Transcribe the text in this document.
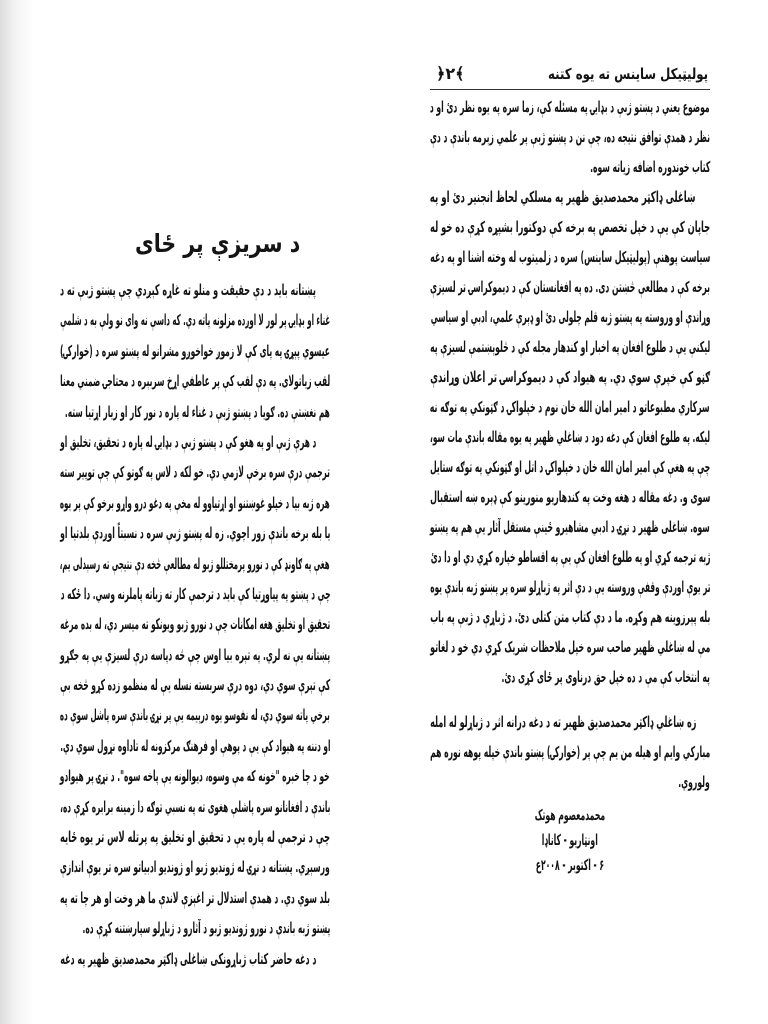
پولیټیکل ساینس ته یوه کتنه
﴿۲﴾
موضوع یعني د پښتو ژبې د بډایۍ په مسئله کې، زما سره په یوه نظر دئ او د
نظر د همدې توافق نتیجه ده، چې نن د پښتو ژبې پر علمي زېرمه باندې د دې
کتاب خوندوره اضافه زیاته سوه.
ښاغلی ډاکټر محمدصدیق ظهیر په مسلکي لحاظ انجنیر دئ او په
جاپان کې یې د خپل تخصص په برخه کې دوکتورا بشپړه کړې ده خو له
سیاست پوهنې (پولیټیکل ساینس) سره د زلمیتوب له وخته اشنا او په دغه
برخه کې د مطالعې څښتن دی. ده په افغانستان کې د دیموکراسۍ تر لسیزې
وړاندې او وروسته په پښتو ژبه قلم چلولی دئ او ډېرې علمي، ادبي او سیاسي
لیکنې یې د طلوع افغان په اخبار او کندهار مجله کې د څلوېښتمې لسیزې په
ګڼو کې خپرې سوي دي. په هیواد کې د دیموکراسۍ تر اعلان وړاندې
سرکاري مطبوعاتو د امیر امان الله خان نوم د خپلواکۍ د ګټونکي په توګه نه
لیکه. په طلوع افغان کې دغه دود د ښاغلي ظهیر په یوه مقاله باندې مات سو،
چې په هغې کې امیر امان الله خان د خپلواکۍ د اتل او ګټونکي په توګه ستایل
سوی و. دغه مقاله د هغه وخت په کندهاریو منورینو کې ډېره ښه استقبال
سوه. ښاغلی ظهیر د نړۍ د ادبي مشاهیرو ځینې مستقل آثار یې هم په پښتو
ژبه ترجمه کړي او په طلوع افغان کې یې په اقساطو خپاره کړي دي او دا دئ
تر یوې اوږدې وقفې وروسته یې د دې اثر په ژباړلو سره پر پښتو ژبه باندې یوه
بله پېرزوینه هم وکړه. ما د دې کتاب متن کتلی دئ. د ژباړې د ژبې په باب
مې له ښاغلي ظهیر صاحب سره خپل ملاحظات شریک کړي دي خو د لغاتو
په انتخاب کې مې د ده خپل حق درناوی پر ځای کړی دئ.
زه ښاغلي ډاکټر محمدصدیق ظهیر ته د دغه درانه اثر د ژباړلو له امله
مبارکي وایم او هیله من یم چې پر (خوارکۍ) پښتو باندې خپله پوهه نوره هم
ولوروي.
محمدمعصوم هوتک
اونټاریو - کاناډا
۶ - اکتوبر - ۲۰۰۸ع
د سریزې پر ځای
پښتانه باید د دې حقیقت و منلو ته غاړه کېږدي چې پښتو ژبې ته د
غناء او بډایۍ پر لور لا اوږده مزلونه پاته دي. که داسې نه وای نو ولې به د شلمې
عیسوي پېړۍ په پای کې لا زموږ خواخوږو مشرانو له پښتو سره د (خوارکۍ)
لقب زیاتولای. په دې لقب کې پر عاطفي اړخ سربېره د محتاجۍ ضمني معنا
هم نغښتې ده. ګویا د پښتو ژبې د غناء له پاره د نور کار او زیار اړتیا سته.
د هرې ژبې او په هغو کې د پښتو ژبې د بډایۍ له پاره د تحقیق، تخلیق او
ترجمې درې سره برخې لازمي دي. خو لکه د لاس په ګوتو کې چې توپیر سته
هره ژبه بیا د خپلو غوښتنو او اړتیاوو له مخې په دغو درو واړو برخو کې پر یوه
یا بله برخه باندې زور اچوي. زه له پښتو ژبې سره د نسبتاً اوږدې بلدتیا او
هغې په ګاونډ کې د نورو پرمختللو ژبو له مطالعې څخه دې نتیجې ته رسېدلی یم،
چې د پښتو په پیاوړتیا کې باید د ترجمې کار ته زیاته پاملرنه وسي. دا ځکه د
تحقیق او تخلیق هغه امکانات چې د نورو ژبو ویونکو ته میسر دي، له بده مرغه
پښتانه یې نه لري. په تېره بیا اوس چې څه دپاسه درې لسیزې یې په جګړو
کې تېرې سوي دي، دوه درې سربسته نسله یې له منظمو زده کړو څخه بې
برخي پاته سوي دي، له نفوسو یوه درېیمه یې پر نړۍ باندې سره پاشل سوې ده
او دننه په هیواد کې یې د پوهې او فرهنګ مرکزونه له تاداوه نړول سوي دي.
خو د چا خبره "خونه که مې وسوه، دیوالونه یې پاخه سوه". د نړۍ پر هیوادو
باندې د افغانانو سره پاشلې هغوی ته په نسبي توګه دا زمینه برابره کړې ده،
چې د ترجمې له پاره یې د تحقیق او تخلیق په پرتله لاس تر یوه ځایه
ورسېږي. پښتانه د نړۍ له ژوندیو ژبو او ژوندیو ادبیاتو سره تر یوې اندازې
بلد سوي دي. د همدې استدلال تر اغېزې لاندې ما هر وخت او هر چا ته په
پښتو ژبه باندې د نورو ژوندیو ژبو د آثارو د ژباړلو سپارښتنه کړې ده.
د دغه حاضر کتاب ژباړونکی ښاغلی ډاکټر محمدصدیق ظهیر په دغه
